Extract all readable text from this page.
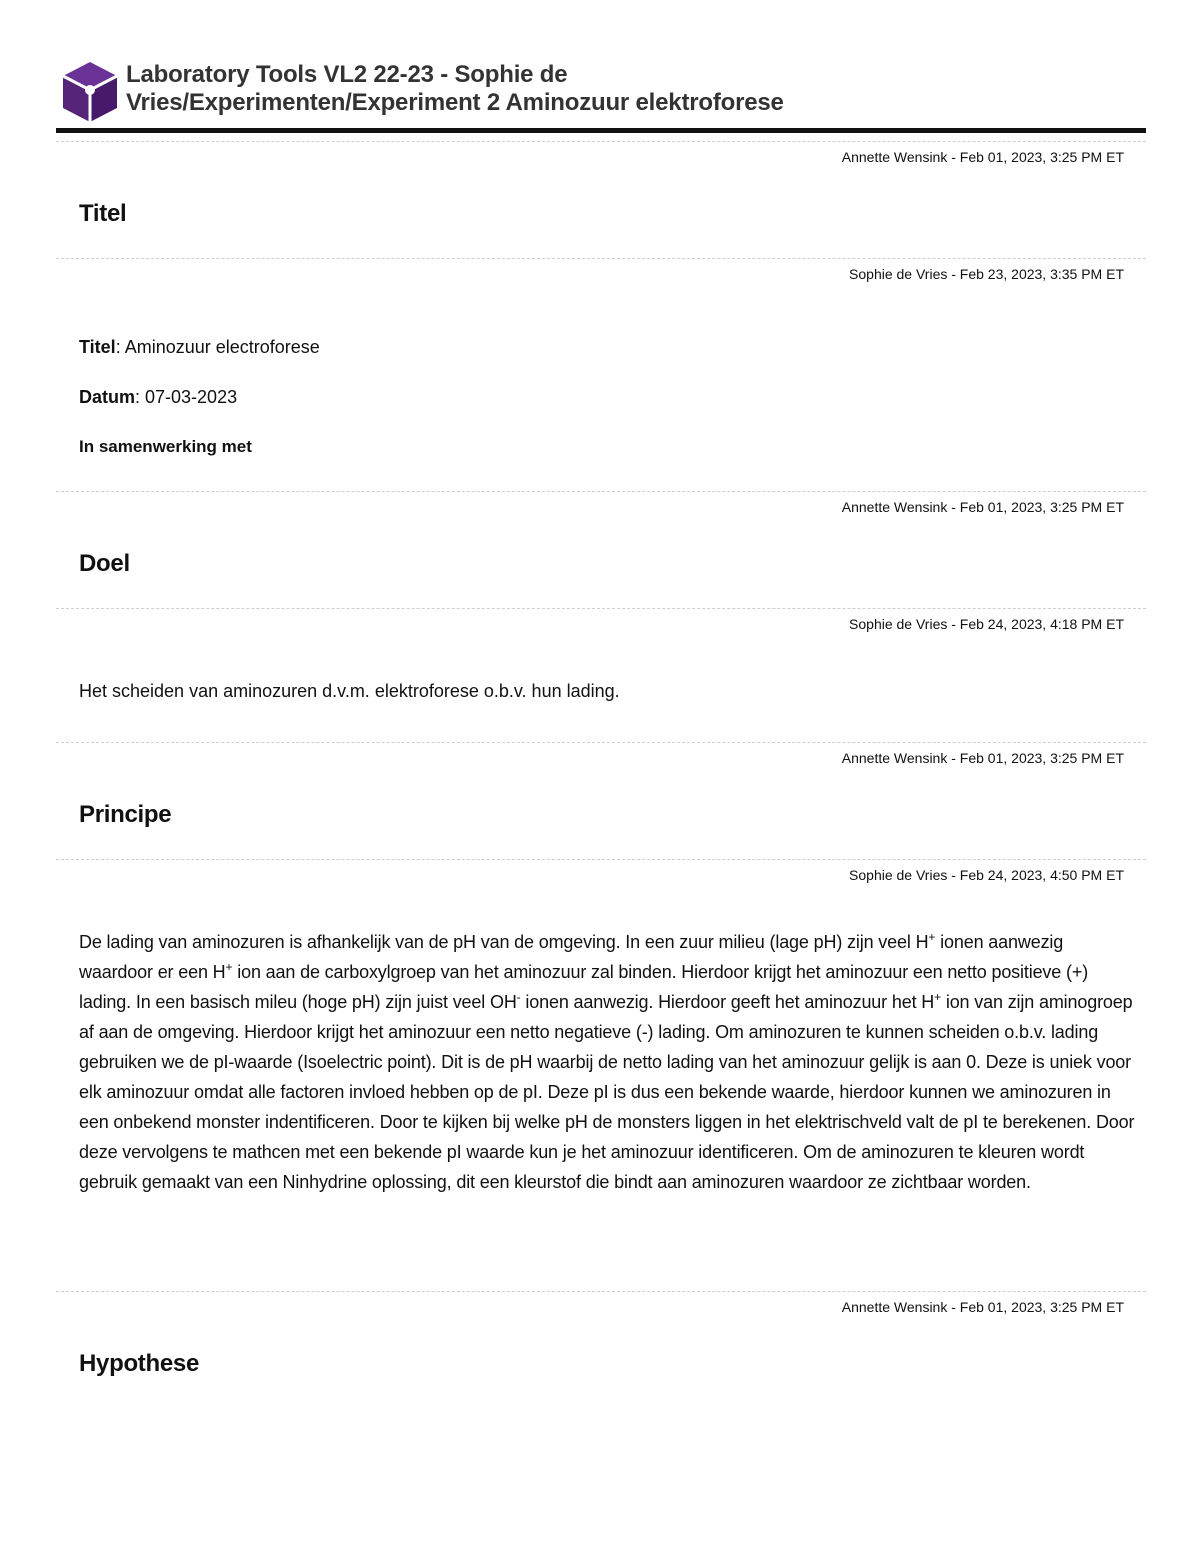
Laboratory Tools VL2 22-23 - Sophie de
Vries/Experimenten/Experiment 2 Aminozuur elektroforese
Annette Wensink - Feb 01, 2023, 3:25 PM ET
Titel
Sophie de Vries - Feb 23, 2023, 3:35 PM ET
Titel: Aminozuur electroforese
Datum: 07-03-2023
In samenwerking met
Annette Wensink - Feb 01, 2023, 3:25 PM ET
Doel
Sophie de Vries - Feb 24, 2023, 4:18 PM ET

Het scheiden van aminozuren d.v.m. elektroforese o.b.v. hun lading.

Annette Wensink - Feb 01, 2023, 3:25 PM ET
Principe
Sophie de Vries - Feb 24, 2023, 4:50 PM ET

De lading van aminozuren is afhankelijk van de pH van de omgeving. In een zuur milieu (lage pH) zijn veel H+ ionen aanwezig waardoor er een H+ ion aan de carboxylgroep van het aminozuur zal binden. Hierdoor krijgt het aminozuur een netto positieve (+) lading. In een basisch mileu (hoge pH) zijn juist veel OH- ionen aanwezig. Hierdoor geeft het aminozuur het H+ ion van zijn aminogroep af aan de omgeving. Hierdoor krijgt het aminozuur een netto negatieve (-) lading. Om aminozuren te kunnen scheiden o.b.v. lading gebruiken we de pI-waarde (Isoelectric point). Dit is de pH waarbij de netto lading van het aminozuur gelijk is aan 0. Deze is uniek voor elk aminozuur omdat alle factoren invloed hebben op de pI. Deze pI is dus een bekende waarde, hierdoor kunnen we aminozuren in een onbekend monster indentificeren. Door te kijken bij welke pH de monsters liggen in het elektrischveld valt de pI te berekenen. Door deze vervolgens te mathcen met een bekende pI waarde kun je het aminozuur identificeren. Om de aminozuren te kleuren wordt gebruik gemaakt van een Ninhydrine oplossing, dit een kleurstof die bindt aan aminozuren waardoor ze zichtbaar worden.

Annette Wensink - Feb 01, 2023, 3:25 PM ET
Hypothese
